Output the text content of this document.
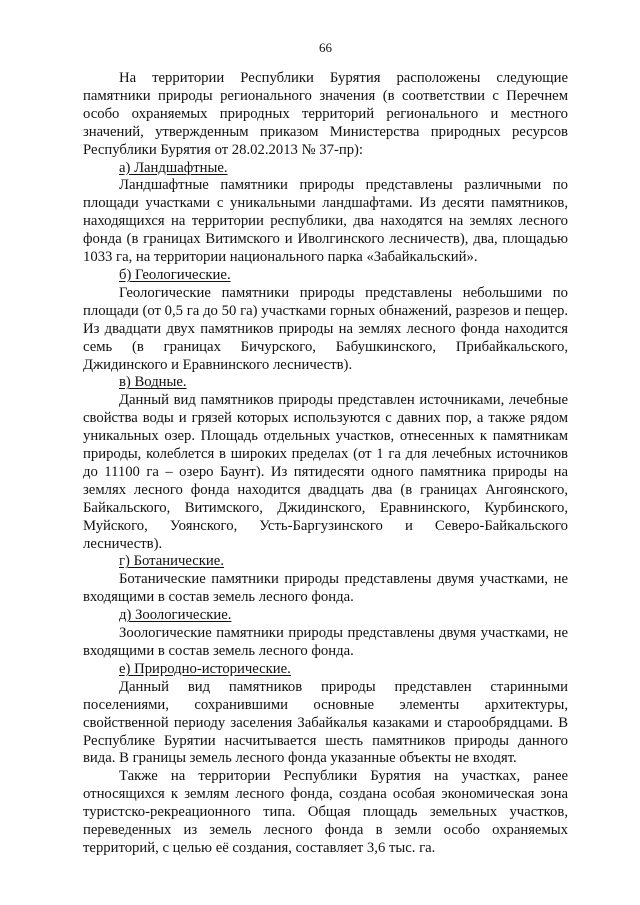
66

На территории Республики Бурятия расположены следующие памятники природы регионального значения (в соответствии с Перечнем особо охраняемых природных территорий регионального и местного значений, утвержденным приказом Министерства природных ресурсов Республики Бурятия от 28.02.2013 № 37-пр):

а) Ландшафтные.

Ландшафтные памятники природы представлены различными по площади участками с уникальными ландшафтами. Из десяти памятников, находящихся на территории республики, два находятся на землях лесного фонда (в границах Витимского и Иволгинского лесничеств), два, площадью 1033 га, на территории национального парка «Забайкальский».

б) Геологические.

Геологические памятники природы представлены небольшими по площади (от 0,5 га до 50 га) участками горных обнажений, разрезов и пещер. Из двадцати двух памятников природы на землях лесного фонда находится семь (в границах Бичурского, Бабушкинского, Прибайкальского, Джидинского и Еравнинского лесничеств).

в) Водные.

Данный вид памятников природы представлен источниками, лечебные свойства воды и грязей которых используются с давних пор, а также рядом уникальных озер. Площадь отдельных участков, отнесенных к памятникам природы, колеблется в широких пределах (от 1 га для лечебных источников до 11100 га – озеро Баунт). Из пятидесяти одного памятника природы на землях лесного фонда находится двадцать два (в границах Ангоянского, Байкальского, Витимского, Джидинского, Еравнинского, Курбинского, Муйского, Уоянского, Усть-Баргузинского и Северо-Байкальского лесничеств).

г) Ботанические.

Ботанические памятники природы представлены двумя участками, не входящими в состав земель лесного фонда.

д) Зоологические.

Зоологические памятники природы представлены двумя участками, не входящими в состав земель лесного фонда.

е) Природно-исторические.

Данный вид памятников природы представлен старинными поселениями, сохранившими основные элементы архитектуры, свойственной периоду заселения Забайкалья казаками и старообрядцами. В Республике Бурятии насчитывается шесть памятников природы данного вида. В границы земель лесного фонда указанные объекты не входят.

Также на территории Республики Бурятия на участках, ранее относящихся к землям лесного фонда, создана особая экономическая зона туристско-рекреационного типа. Общая площадь земельных участков, переведенных из земель лесного фонда в земли особо охраняемых территорий, с целью её создания, составляет 3,6 тыс. га.
